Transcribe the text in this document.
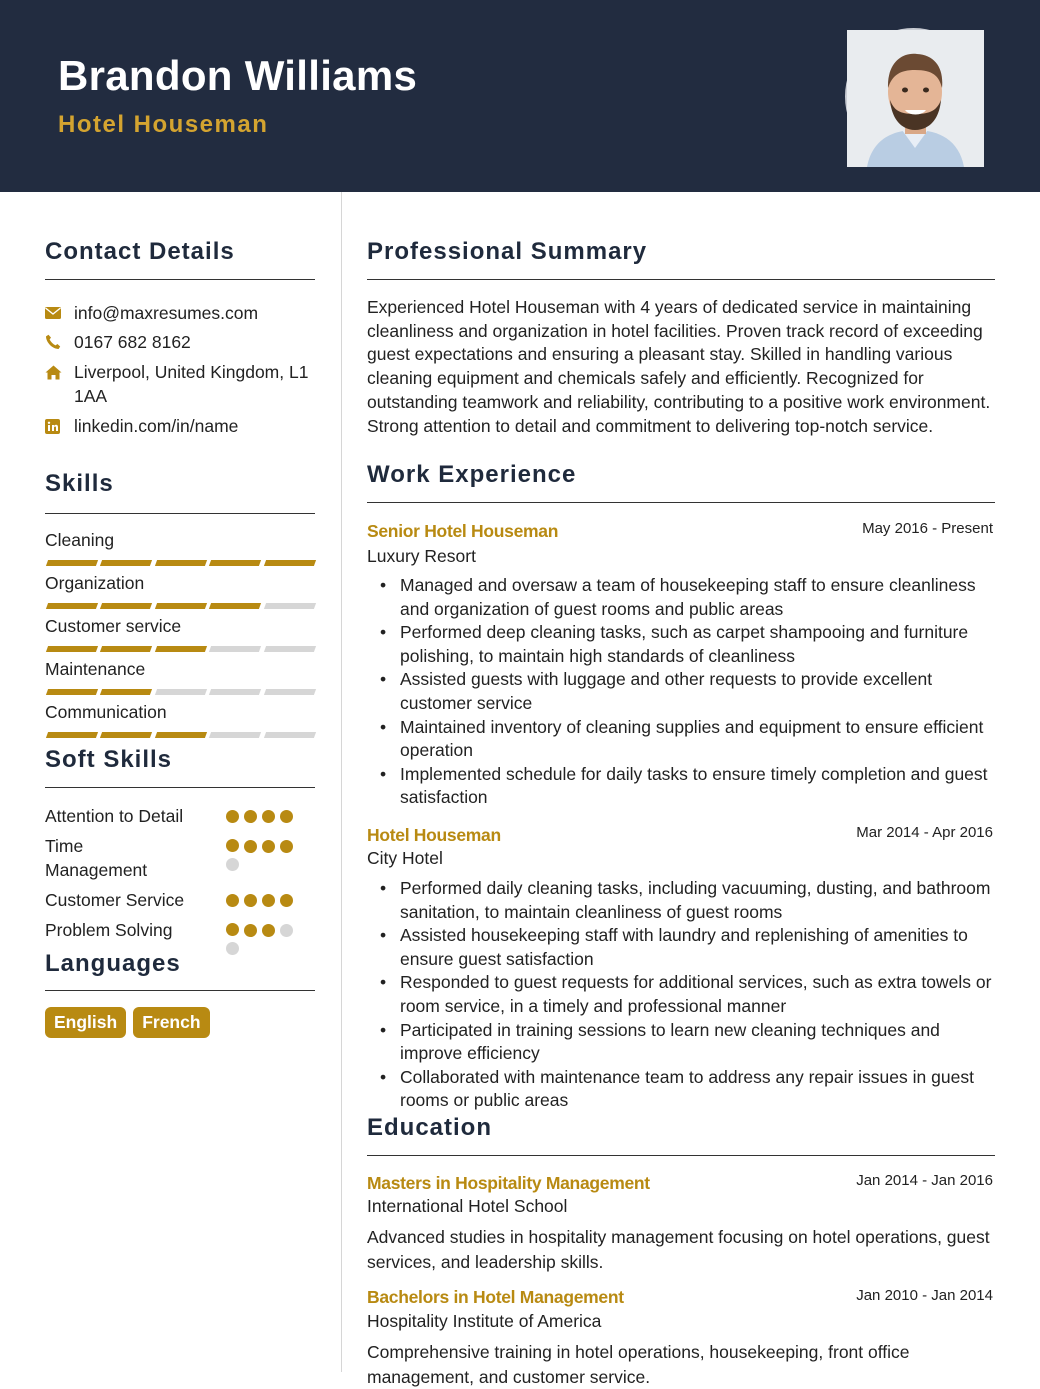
Brandon Williams
Hotel Houseman
Contact Details
info@maxresumes.com
0167 682 8162
Liverpool, United Kingdom, L1 1AA
linkedin.com/in/name
Skills
Cleaning
Organization
Customer service
Maintenance
Communication
Soft Skills
Attention to Detail
Time Management
Customer Service
Problem Solving
Languages
English	French
Professional Summary
Experienced Hotel Houseman with 4 years of dedicated service in maintaining cleanliness and organization in hotel facilities. Proven track record of exceeding guest expectations and ensuring a pleasant stay. Skilled in handling various cleaning equipment and chemicals safely and efficiently. Recognized for outstanding teamwork and reliability, contributing to a positive work environment. Strong attention to detail and commitment to delivering top-notch service.
Work Experience
Senior Hotel Houseman	May 2016 - Present
Luxury Resort
• Managed and oversaw a team of housekeeping staff to ensure cleanliness and organization of guest rooms and public areas
• Performed deep cleaning tasks, such as carpet shampooing and furniture polishing, to maintain high standards of cleanliness
• Assisted guests with luggage and other requests to provide excellent customer service
• Maintained inventory of cleaning supplies and equipment to ensure efficient operation
• Implemented schedule for daily tasks to ensure timely completion and guest satisfaction
Hotel Houseman	Mar 2014 - Apr 2016
City Hotel
• Performed daily cleaning tasks, including vacuuming, dusting, and bathroom sanitation, to maintain cleanliness of guest rooms
• Assisted housekeeping staff with laundry and replenishing of amenities to ensure guest satisfaction
• Responded to guest requests for additional services, such as extra towels or room service, in a timely and professional manner
• Participated in training sessions to learn new cleaning techniques and improve efficiency
• Collaborated with maintenance team to address any repair issues in guest rooms or public areas
Education
Masters in Hospitality Management	Jan 2014 - Jan 2016
International Hotel School
Advanced studies in hospitality management focusing on hotel operations, guest services, and leadership skills.
Bachelors in Hotel Management	Jan 2010 - Jan 2014
Hospitality Institute of America
Comprehensive training in hotel operations, housekeeping, front office management, and customer service.
